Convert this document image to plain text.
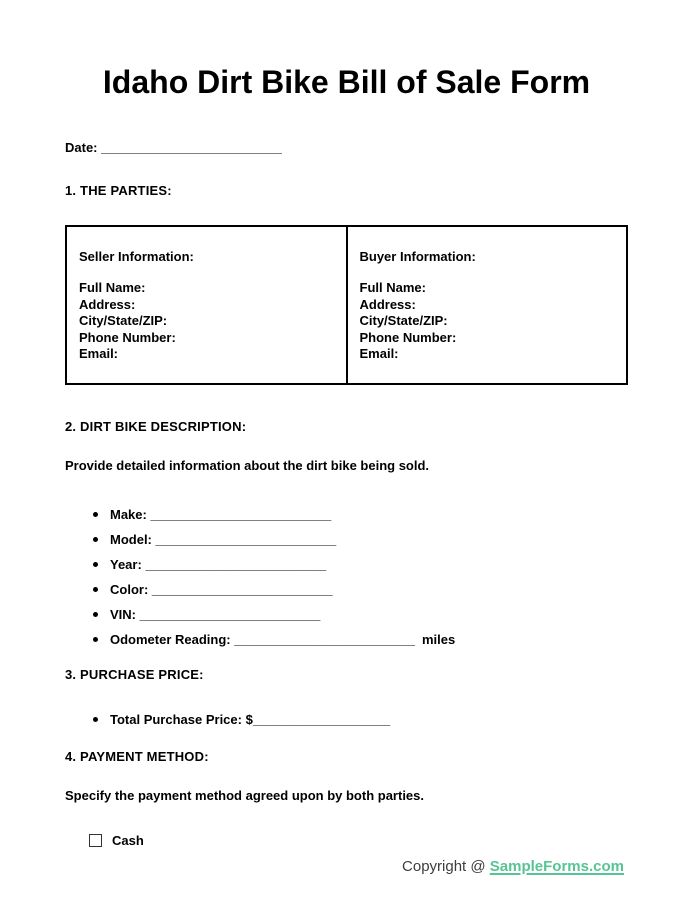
Idaho Dirt Bike Bill of Sale Form

Date: _________________________

1. THE PARTIES:

Seller Information:

Full Name:

Address:

City/State/ZIP:

Phone Number:

Email:

Buyer Information:

Full Name:

Address:

City/State/ZIP:

Phone Number:

Email:

2. DIRT BIKE DESCRIPTION:

Provide detailed information about the dirt bike being sold.

Make: _________________________
Model: _________________________
Year: _________________________
Color: _________________________
VIN: _________________________
Odometer Reading: _________________________ miles

3. PURCHASE PRICE:

Total Purchase Price: $___________________

4. PAYMENT METHOD:

Specify the payment method agreed upon by both parties.

Cash
Copyright @ SampleForms.com
